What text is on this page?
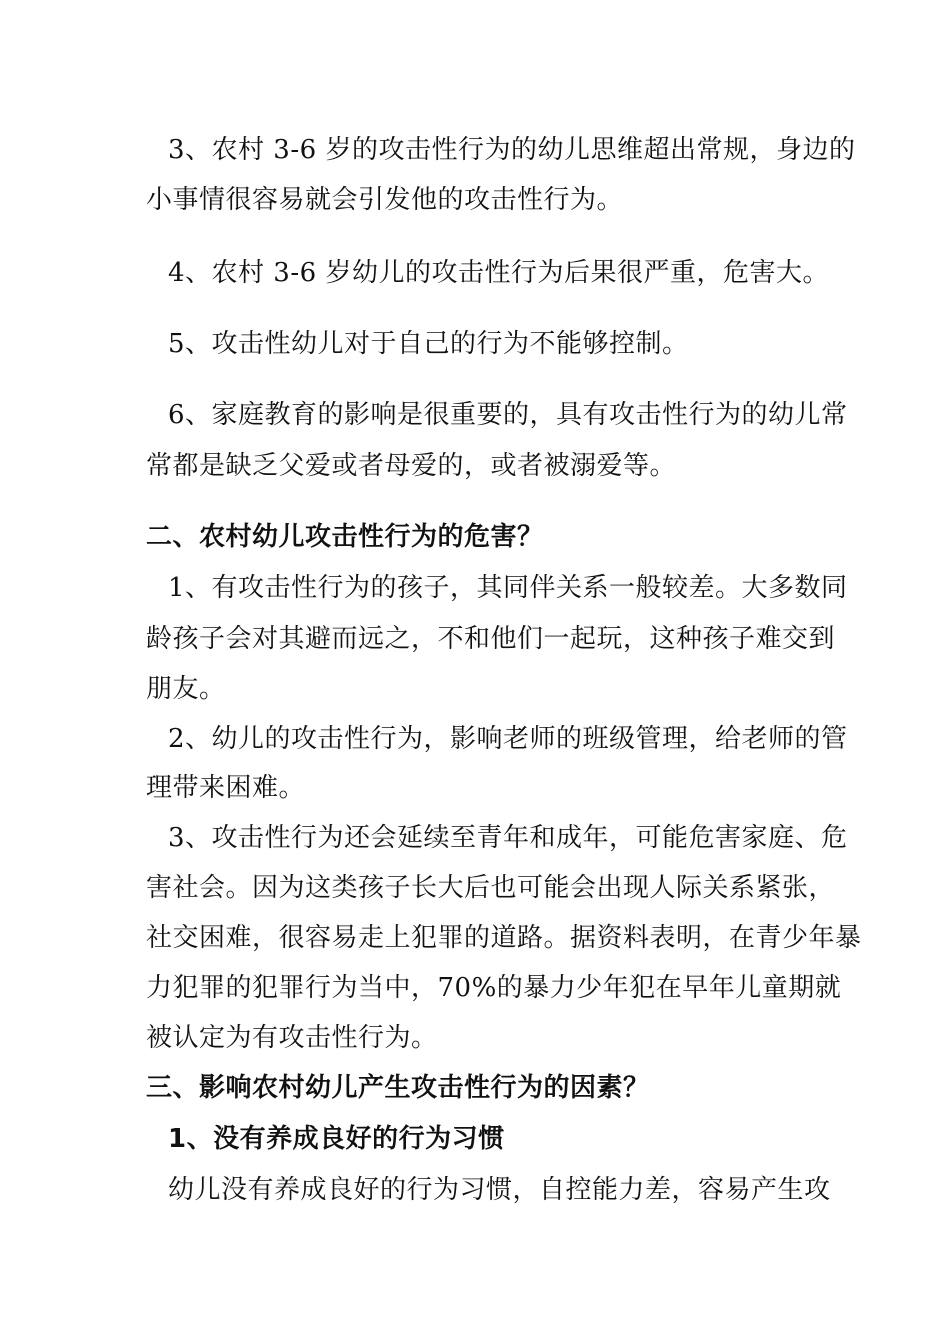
3、农村 3-6 岁的攻击性行为的幼儿思维超出常规，身边的
小事情很容易就会引发他的攻击性行为。
4、农村 3-6 岁幼儿的攻击性行为后果很严重，危害大。
5、攻击性幼儿对于自己的行为不能够控制。
6、家庭教育的影响是很重要的，具有攻击性行为的幼儿常
常都是缺乏父爱或者母爱的，或者被溺爱等。
二、农村幼儿攻击性行为的危害？
1、有攻击性行为的孩子，其同伴关系一般较差。大多数同
龄孩子会对其避而远之，不和他们一起玩，这种孩子难交到
朋友。
2、幼儿的攻击性行为，影响老师的班级管理，给老师的管
理带来困难。
3、攻击性行为还会延续至青年和成年，可能危害家庭、危
害社会。因为这类孩子长大后也可能会出现人际关系紧张，
社交困难，很容易走上犯罪的道路。据资料表明，在青少年暴
力犯罪的犯罪行为当中，70%的暴力少年犯在早年儿童期就
被认定为有攻击性行为。
三、影响农村幼儿产生攻击性行为的因素？
1、没有养成良好的行为习惯
幼儿没有养成良好的行为习惯，自控能力差，容易产生攻
